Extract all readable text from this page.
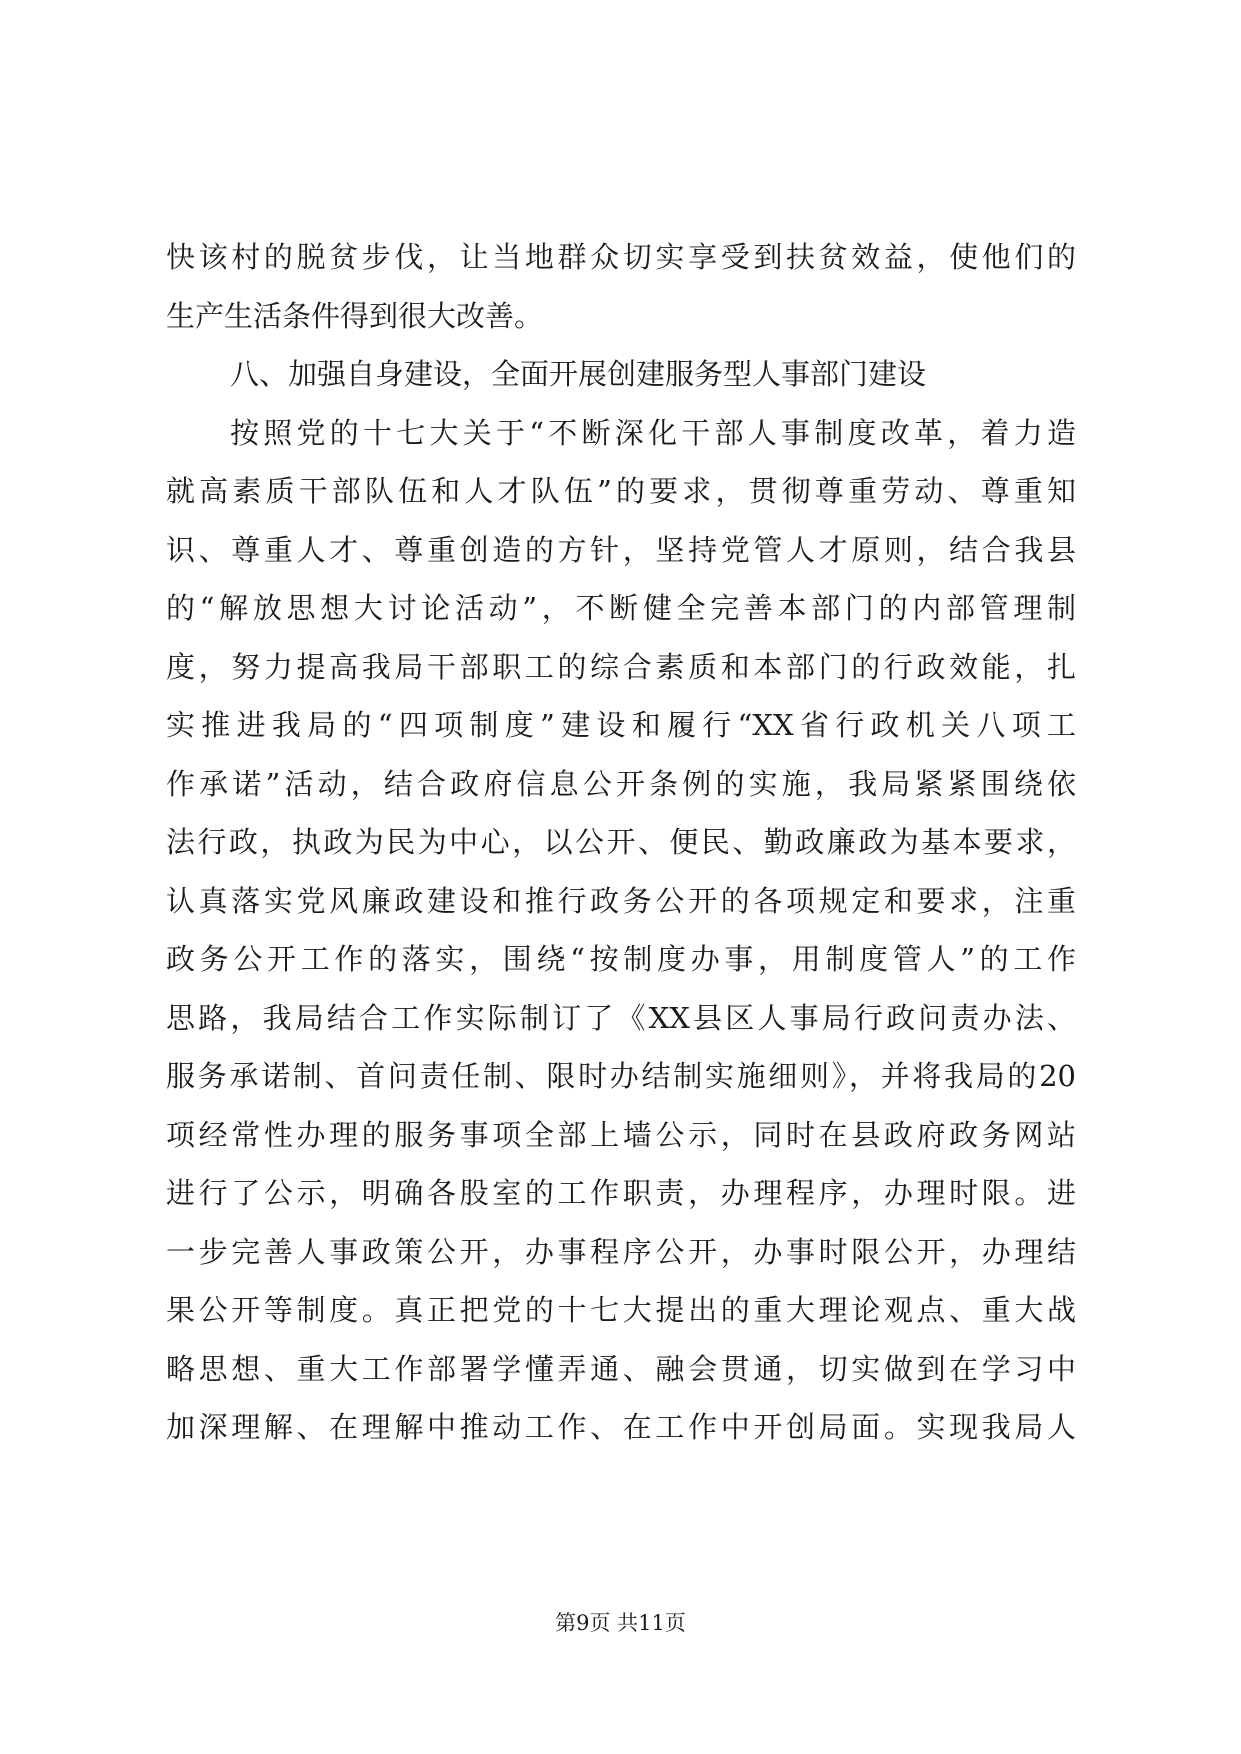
快该村的脱贫步伐，让当地群众切实享受到扶贫效益，使他们的
生产生活条件得到很大改善。
八、加强自身建设，全面开展创建服务型人事部门建设
按照党的十七大关于“不断深化干部人事制度改革，着力造
就高素质干部队伍和人才队伍”的要求，贯彻尊重劳动、尊重知
识、尊重人才、尊重创造的方针，坚持党管人才原则，结合我县
的“解放思想大讨论活动”，不断健全完善本部门的内部管理制
度，努力提高我局干部职工的综合素质和本部门的行政效能，扎
实推进我局的“四项制度”建设和履行“XX省行政机关八项工
作承诺”活动，结合政府信息公开条例的实施，我局紧紧围绕依
法行政，执政为民为中心，以公开、便民、勤政廉政为基本要求，
认真落实党风廉政建设和推行政务公开的各项规定和要求，注重
政务公开工作的落实，围绕“按制度办事，用制度管人”的工作
思路，我局结合工作实际制订了《XX县区人事局行政问责办法、
服务承诺制、首问责任制、限时办结制实施细则》，并将我局的20
项经常性办理的服务事项全部上墙公示，同时在县政府政务网站
进行了公示，明确各股室的工作职责，办理程序，办理时限。进
一步完善人事政策公开，办事程序公开，办事时限公开，办理结
果公开等制度。真正把党的十七大提出的重大理论观点、重大战
略思想、重大工作部署学懂弄通、融会贯通，切实做到在学习中
加深理解、在理解中推动工作、在工作中开创局面。实现我局人
第9页 共11页
